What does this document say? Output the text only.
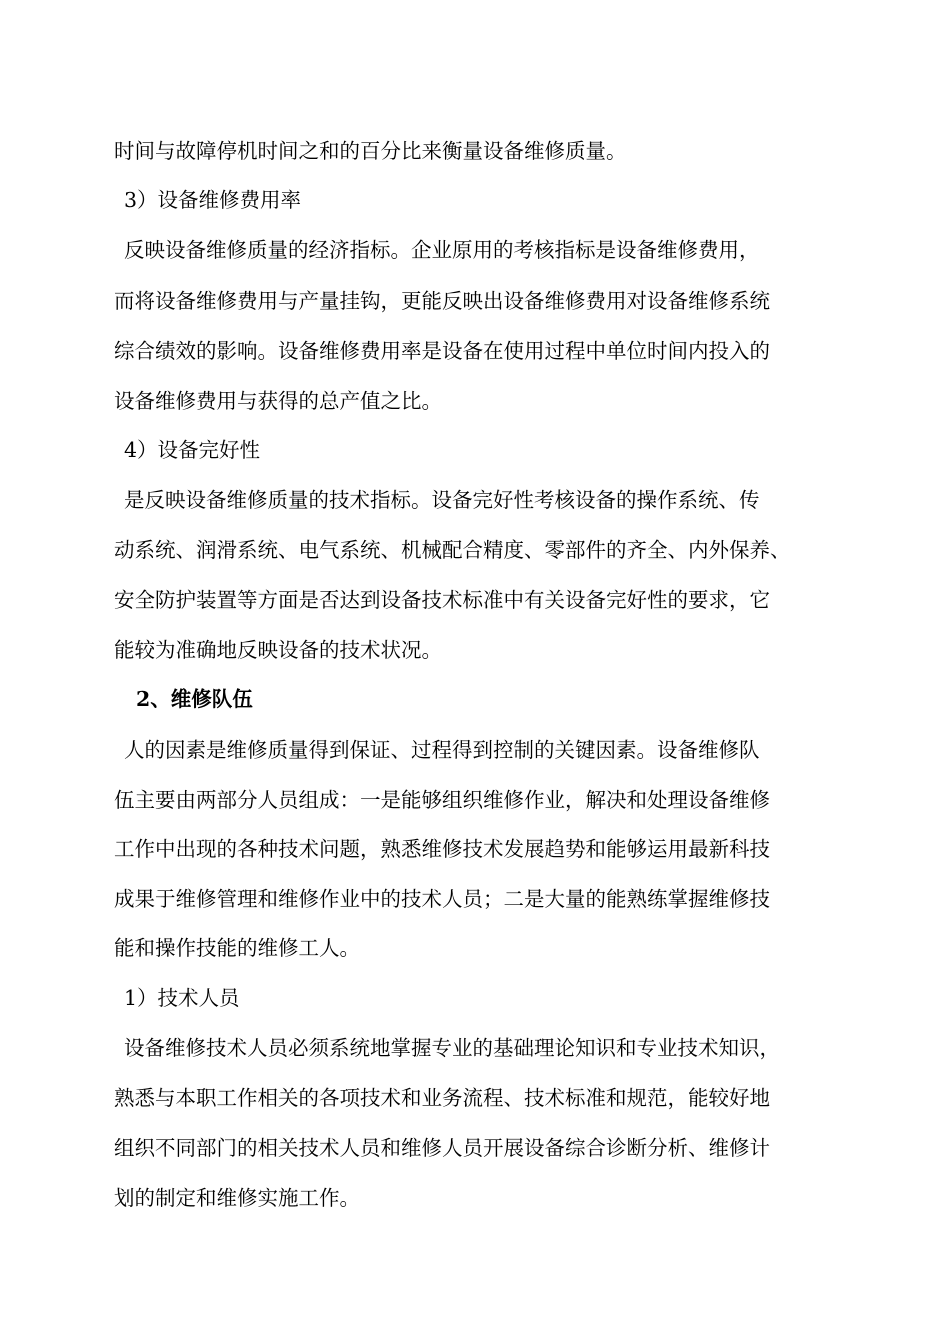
时间与故障停机时间之和的百分比来衡量设备维修质量。
3）设备维修费用率
反映设备维修质量的经济指标。企业原用的考核指标是设备维修费用，
而将设备维修费用与产量挂钩，更能反映出设备维修费用对设备维修系统
综合绩效的影响。设备维修费用率是设备在使用过程中单位时间内投入的
设备维修费用与获得的总产值之比。
4）设备完好性
是反映设备维修质量的技术指标。设备完好性考核设备的操作系统、传
动系统、润滑系统、电气系统、机械配合精度、零部件的齐全、内外保养、
安全防护装置等方面是否达到设备技术标准中有关设备完好性的要求，它
能较为准确地反映设备的技术状况。
2、维修队伍
人的因素是维修质量得到保证、过程得到控制的关键因素。设备维修队
伍主要由两部分人员组成：一是能够组织维修作业，解决和处理设备维修
工作中出现的各种技术问题，熟悉维修技术发展趋势和能够运用最新科技
成果于维修管理和维修作业中的技术人员；二是大量的能熟练掌握维修技
能和操作技能的维修工人。
1）技术人员
设备维修技术人员必须系统地掌握专业的基础理论知识和专业技术知识，
熟悉与本职工作相关的各项技术和业务流程、技术标准和规范，能较好地
组织不同部门的相关技术人员和维修人员开展设备综合诊断分析、维修计
划的制定和维修实施工作。
